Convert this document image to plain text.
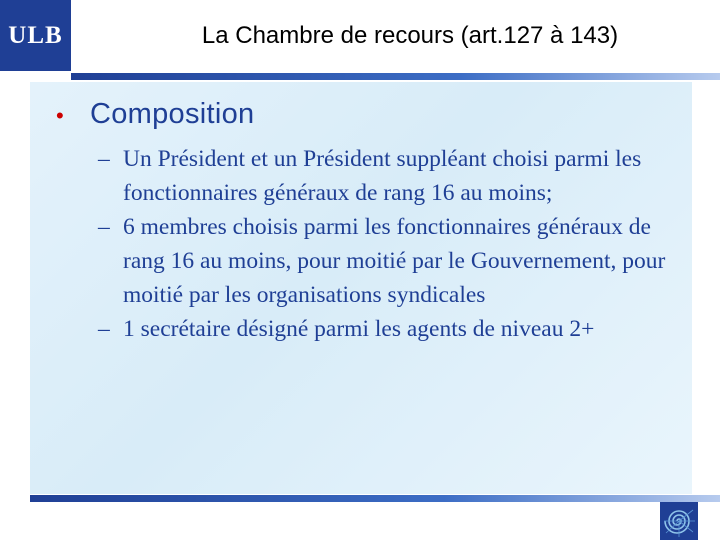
ULB	La Chambre de recours (art.127 à 143)
• Composition
– Un Président et un Président suppléant choisi parmi les fonctionnaires généraux de rang 16 au moins;
– 6 membres choisis parmi les fonctionnaires généraux de rang 16 au moins, pour moitié par le Gouvernement, pour moitié par les organisations syndicales
– 1 secrétaire désigné parmi les agents de niveau 2+
